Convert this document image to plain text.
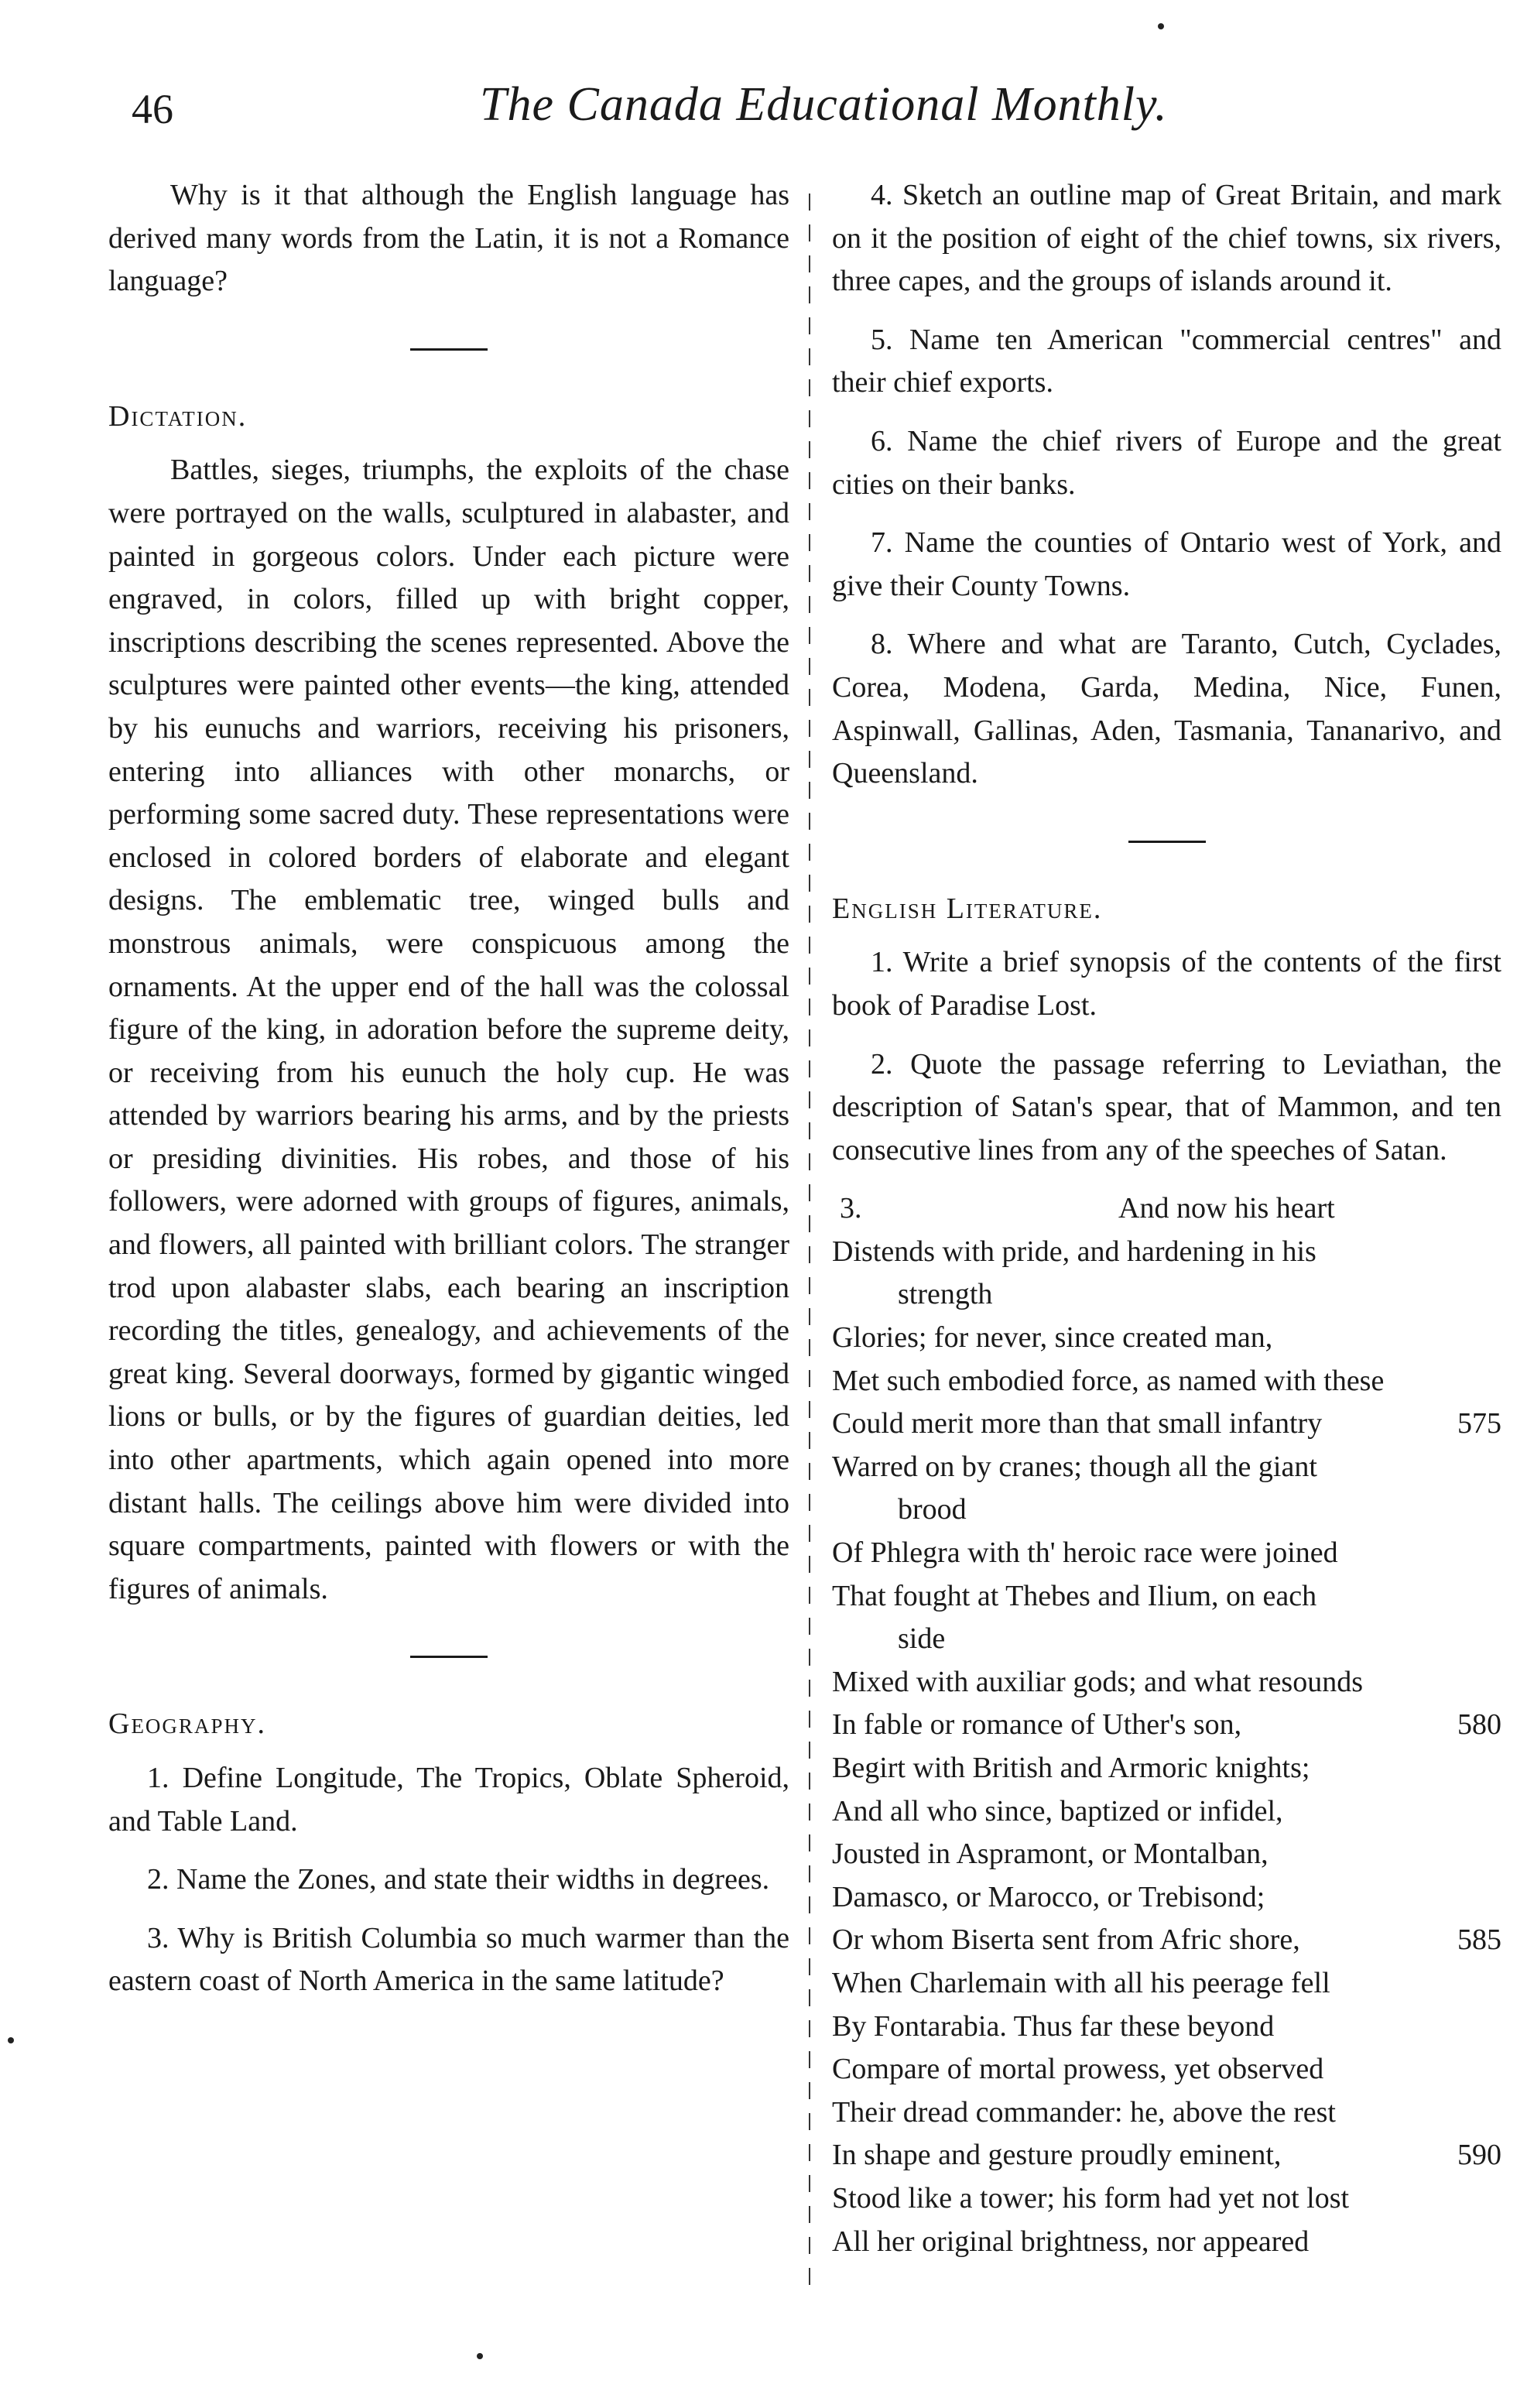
46	The Canada Educational Monthly.

Why is it that although the English language has derived many words from the Latin, it is not a Romance language?

Dictation.

Battles, sieges, triumphs, the exploits of the chase were portrayed on the walls, sculptured in alabaster, and painted in gorgeous colors. Under each picture were engraved, in colors, filled up with bright copper, inscriptions describing the scenes represented. Above the sculptures were painted other events—the king, attended by his eunuchs and warriors, receiving his prisoners, entering into alliances with other monarchs, or performing some sacred duty. These representations were enclosed in colored borders of elaborate and elegant designs. The emblematic tree, winged bulls and monstrous animals, were conspicuous among the ornaments. At the upper end of the hall was the colossal figure of the king, in adoration before the supreme deity, or receiving from his eunuch the holy cup. He was attended by warriors bearing his arms, and by the priests or presiding divinities. His robes, and those of his followers, were adorned with groups of figures, animals, and flowers, all painted with brilliant colors. The stranger trod upon alabaster slabs, each bearing an inscription recording the titles, genealogy, and achievements of the great king. Several doorways, formed by gigantic winged lions or bulls, or by the figures of guardian deities, led into other apartments, which again opened into more distant halls. The ceilings above him were divided into square compartments, painted with flowers or with the figures of animals.

Geography.

1. Define Longitude, The Tropics, Oblate Spheroid, and Table Land.

2. Name the Zones, and state their widths in degrees.

3. Why is British Columbia so much warmer than the eastern coast of North America in the same latitude?

4. Sketch an outline map of Great Britain, and mark on it the position of eight of the chief towns, six rivers, three capes, and the groups of islands around it.

5. Name ten American "commercial centres" and their chief exports.

6. Name the chief rivers of Europe and the great cities on their banks.

7. Name the counties of Ontario west of York, and give their County Towns.

8. Where and what are Taranto, Cutch, Cyclades, Corea, Modena, Garda, Medina, Nice, Funen, Aspinwall, Gallinas, Aden, Tasmania, Tananarivo, and Queensland.

English Literature.

1. Write a brief synopsis of the contents of the first book of Paradise Lost.

2. Quote the passage referring to Leviathan, the description of Satan's spear, that of Mammon, and ten consecutive lines from any of the speeches of Satan.

3.	And now his heart
Distends with pride, and hardening in his
strength
Glories; for never, since created man,
Met such embodied force, as named with these
Could merit more than that small infantry	575
Warred on by cranes; though all the giant
brood
Of Phlegra with th' heroic race were joined
That fought at Thebes and Ilium, on each
side
Mixed with auxiliar gods; and what resounds
In fable or romance of Uther's son,	580
Begirt with British and Armoric knights;
And all who since, baptized or infidel,
Jousted in Aspramont, or Montalban,
Damasco, or Marocco, or Trebisond;
Or whom Biserta sent from Afric shore,	585
When Charlemain with all his peerage fell
By Fontarabia. Thus far these beyond
Compare of mortal prowess, yet observed
Their dread commander: he, above the rest
In shape and gesture proudly eminent,	590
Stood like a tower; his form had yet not lost
All her original brightness, nor appeared
